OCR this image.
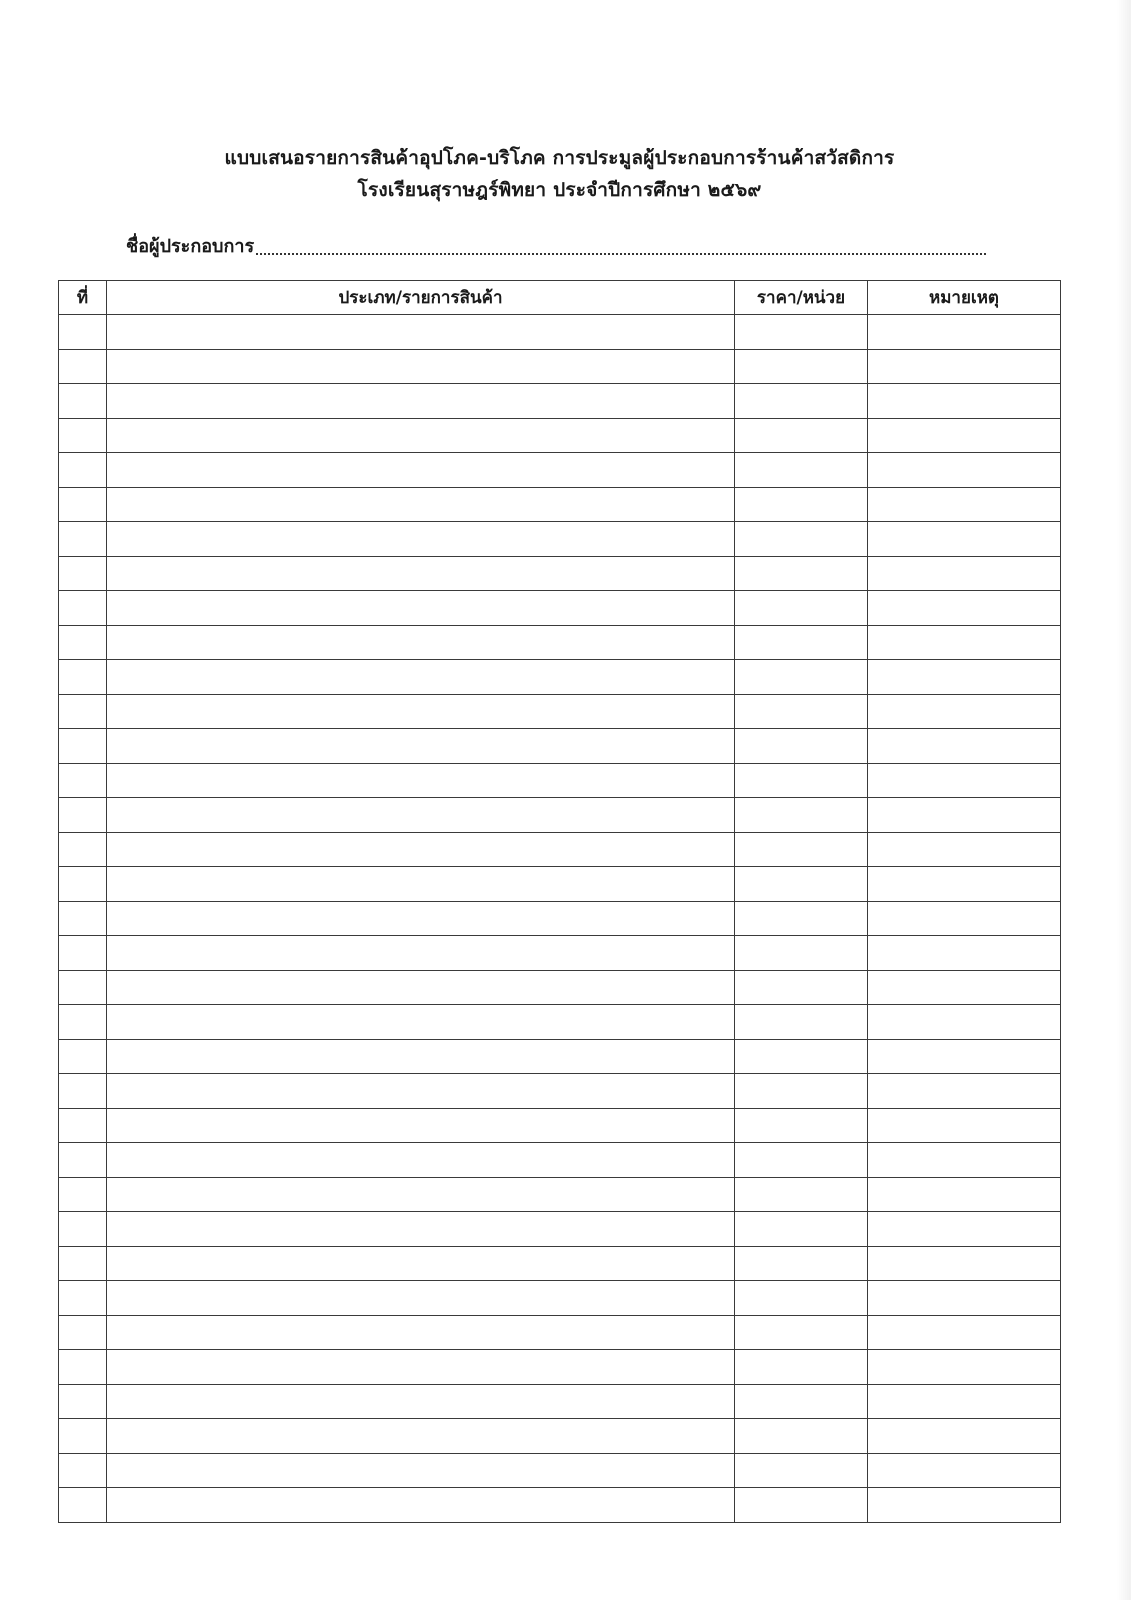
แบบเสนอรายการสินค้าอุปโภค-บริโภค การประมูลผู้ประกอบการร้านค้าสวัสดิการ
โรงเรียนสุราษฎร์พิทยา ประจำปีการศึกษา ๒๕๖๙
ชื่อผู้ประกอบการ
ที่	ประเภท/รายการสินค้า	ราคา/หน่วย	หมายเหตุ
